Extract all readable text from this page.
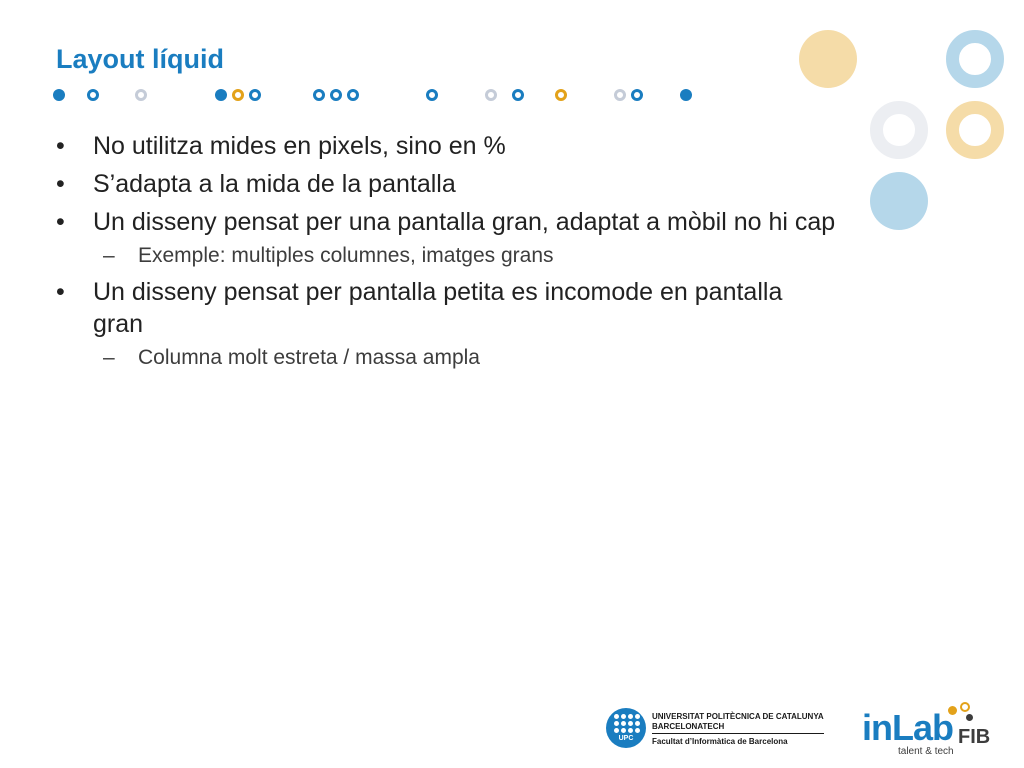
Layout líquid
• No utilitza mides en pixels, sino en %
• S’adapta a la mida de la pantalla
• Un disseny pensat per una pantalla gran, adaptat a mòbil no hi cap
– Exemple: multiples columnes, imatges grans
• Un disseny pensat per pantalla petita es incomode en pantalla gran
– Columna molt estreta / massa ampla
UPC
UNIVERSITAT POLITÈCNICA DE CATALUNYA
BARCELONATECH
Facultat d’Informàtica de Barcelona inLab FIB
talent & tech
